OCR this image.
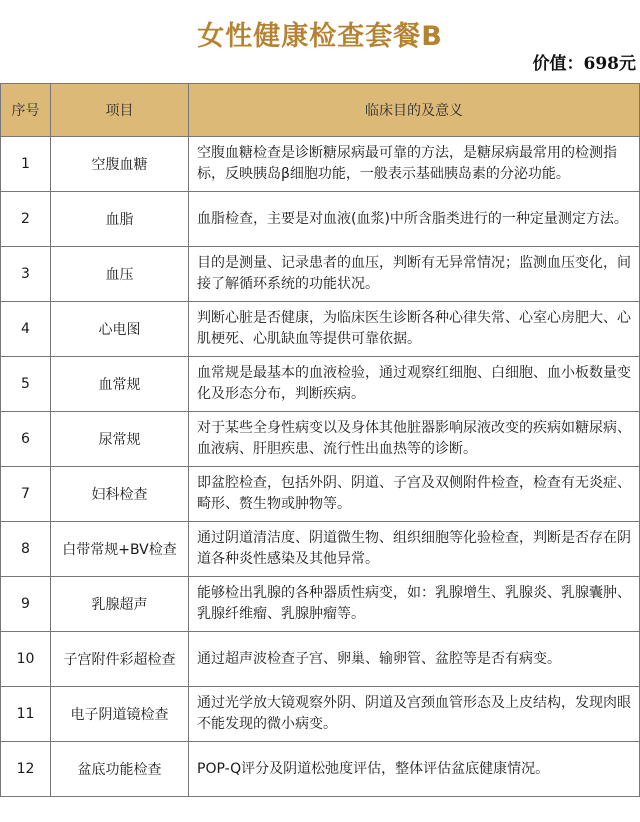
女性健康检查套餐B
价值：698元
序号	项目	临床目的及意义
1	空腹血糖	空腹血糖检查是诊断糖尿病最可靠的方法，是糖尿病最常用的检测指标，反映胰岛β细胞功能，一般表示基础胰岛素的分泌功能。
2	血脂	血脂检查，主要是对血液(血浆)中所含脂类进行的一种定量测定方法。
3	血压	目的是测量、记录患者的血压，判断有无异常情况；监测血压变化，间接了解循环系统的功能状况。
4	心电图	判断心脏是否健康，为临床医生诊断各种心律失常、心室心房肥大、心肌梗死、心肌缺血等提供可靠依据。
5	血常规	血常规是最基本的血液检验，通过观察红细胞、白细胞、血小板数量变化及形态分布，判断疾病。
6	尿常规	对于某些全身性病变以及身体其他脏器影响尿液改变的疾病如糖尿病、血液病、肝胆疾患、流行性出血热等的诊断。
7	妇科检查	即盆腔检查，包括外阴、阴道、子宫及双侧附件检查，检查有无炎症、畸形、赘生物或肿物等。
8	白带常规+BV检查	通过阴道清洁度、阴道微生物、组织细胞等化验检查，判断是否存在阴道各种炎性感染及其他异常。
9	乳腺超声	能够检出乳腺的各种器质性病变，如：乳腺增生、乳腺炎、乳腺囊肿、乳腺纤维瘤、乳腺肿瘤等。
10	子宫附件彩超检查	通过超声波检查子宫、卵巢、输卵管、盆腔等是否有病变。
11	电子阴道镜检查	通过光学放大镜观察外阴、阴道及宫颈血管形态及上皮结构，发现肉眼不能发现的微小病变。
12	盆底功能检查	POP-Q评分及阴道松弛度评估，整体评估盆底健康情况。
